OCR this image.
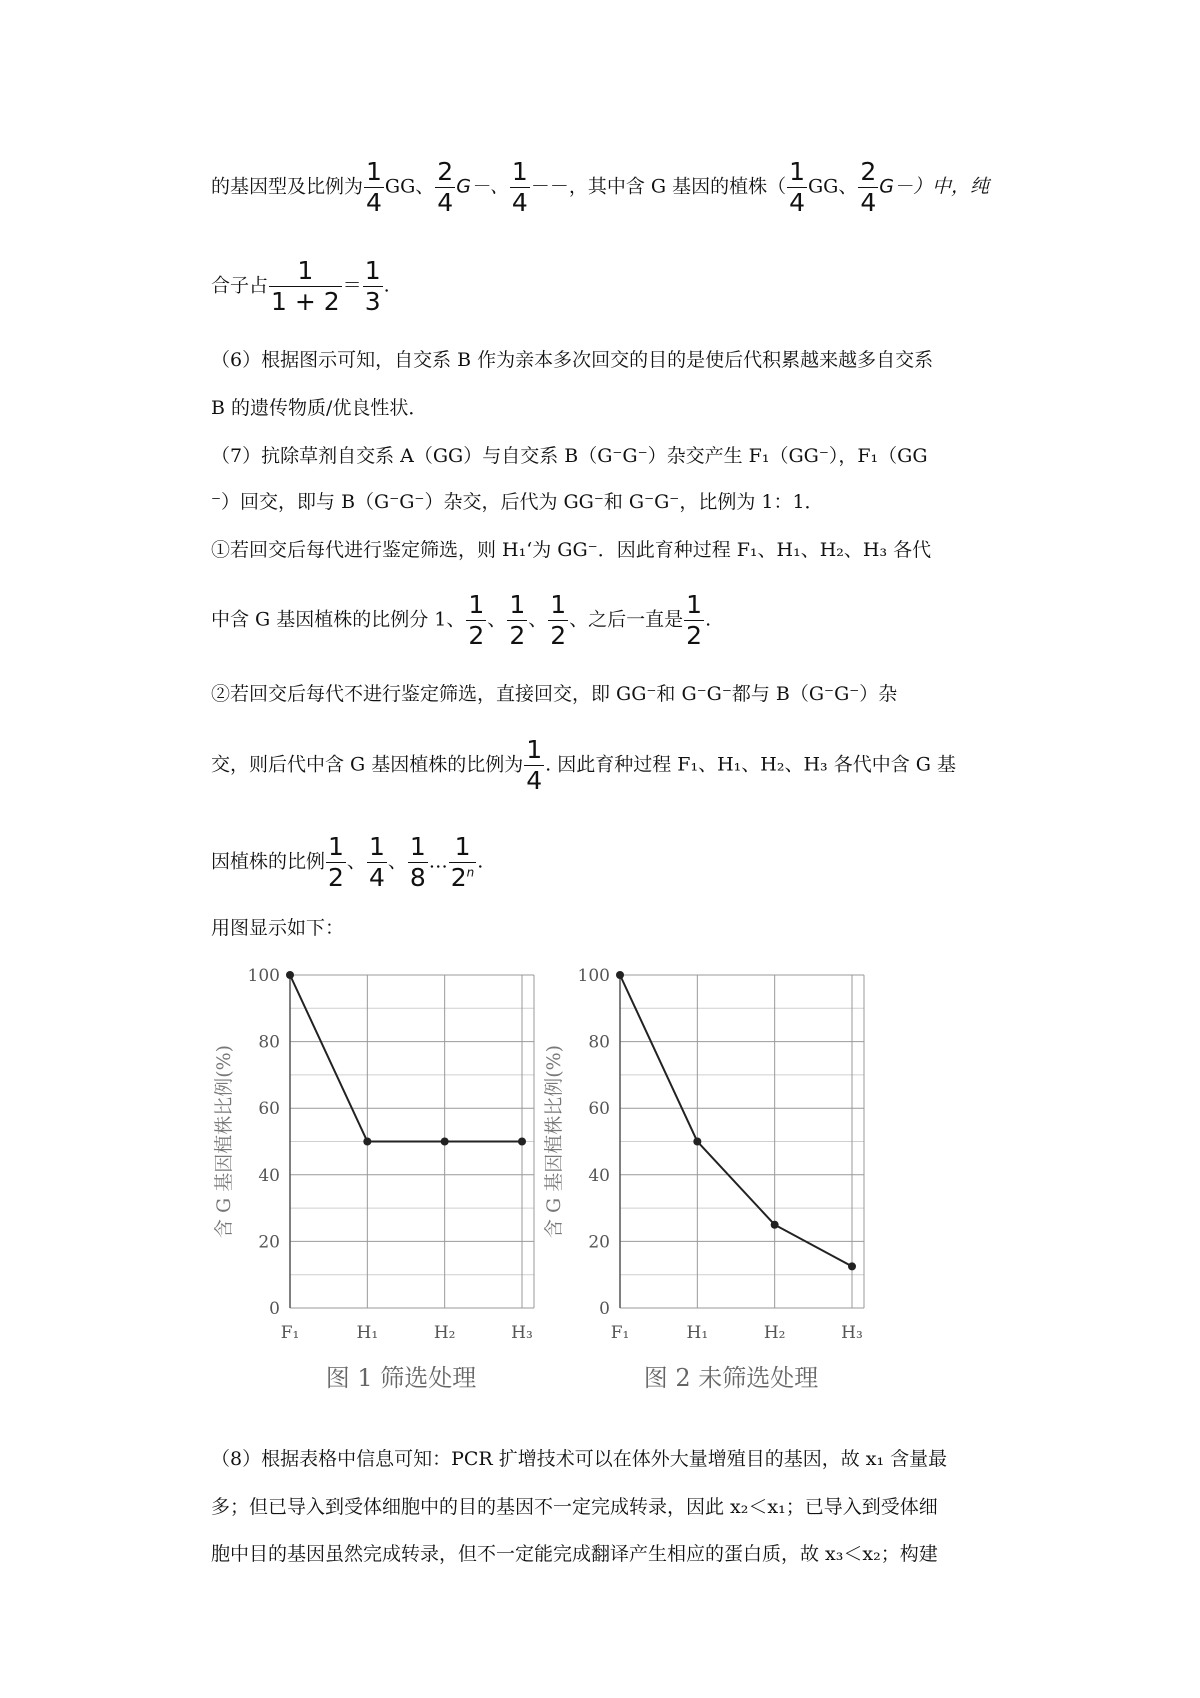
的基因型及比例为 $\frac{1}{4}$ GG、 $\frac{2}{4} G-$、 $\frac{1}{4}$ －－，其中含 G 基因的植株（ $\frac{1}{4}$ GG、 $\frac{2}{4} G-$）中，纯
合子占 $\frac{1}{1 + 2} = \frac{1}{3}$ .
（6）根据图示可知，自交系 B 作为亲本多次回交的目的是使后代积累越来越多自交系
B 的遗传物质/优良性状．
（7）抗除草剂自交系 A（GG）与自交系 B（G⁻G⁻）杂交产生 F₁（GG⁻），F₁（GG
⁻）回交，即与 B（G⁻G⁻）杂交，后代为 GG⁻和 G⁻G⁻，比例为 1：1．
①若回交后每代进行鉴定筛选，则 H₁‘为 GG⁻．因此育种过程 F₁、H₁、H₂、H₃ 各代
中含 G 基因植株的比例分 1、 $\frac{1}{2}$ 、 $\frac{1}{2}$ 、 $\frac{1}{2}$ 、之后一直是 $\frac{1}{2}$ .
②若回交后每代不进行鉴定筛选，直接回交，即 GG⁻和 G⁻G⁻都与 B（G⁻G⁻）杂
交，则后代中含 G 基因植株的比例为 $\frac{1}{4}$ . 因此育种过程 F₁、H₁、H₂、H₃ 各代中含 G 基
因植株的比例 $\frac{1}{2}$ 、 $\frac{1}{4}$ 、 $\frac{1}{8}$ … $\frac{1}{2^n}$ .
用图显示如下：
0
20
40
60
80
100
F₁	H₁	H₂	H₃
含 G 基因植株比例(%)
图 1 筛选处理
0
20
40
60
80
100
F₁	H₁	H₂	H₃
含 G 基因植株比例(%)
图 2 未筛选处理
（8）根据表格中信息可知：PCR 扩增技术可以在体外大量增殖目的基因，故 x₁ 含量最
多；但已导入到受体细胞中的目的基因不一定完成转录，因此 x₂＜x₁；已导入到受体细
胞中目的基因虽然完成转录，但不一定能完成翻译产生相应的蛋白质，故 x₃＜x₂；构建
